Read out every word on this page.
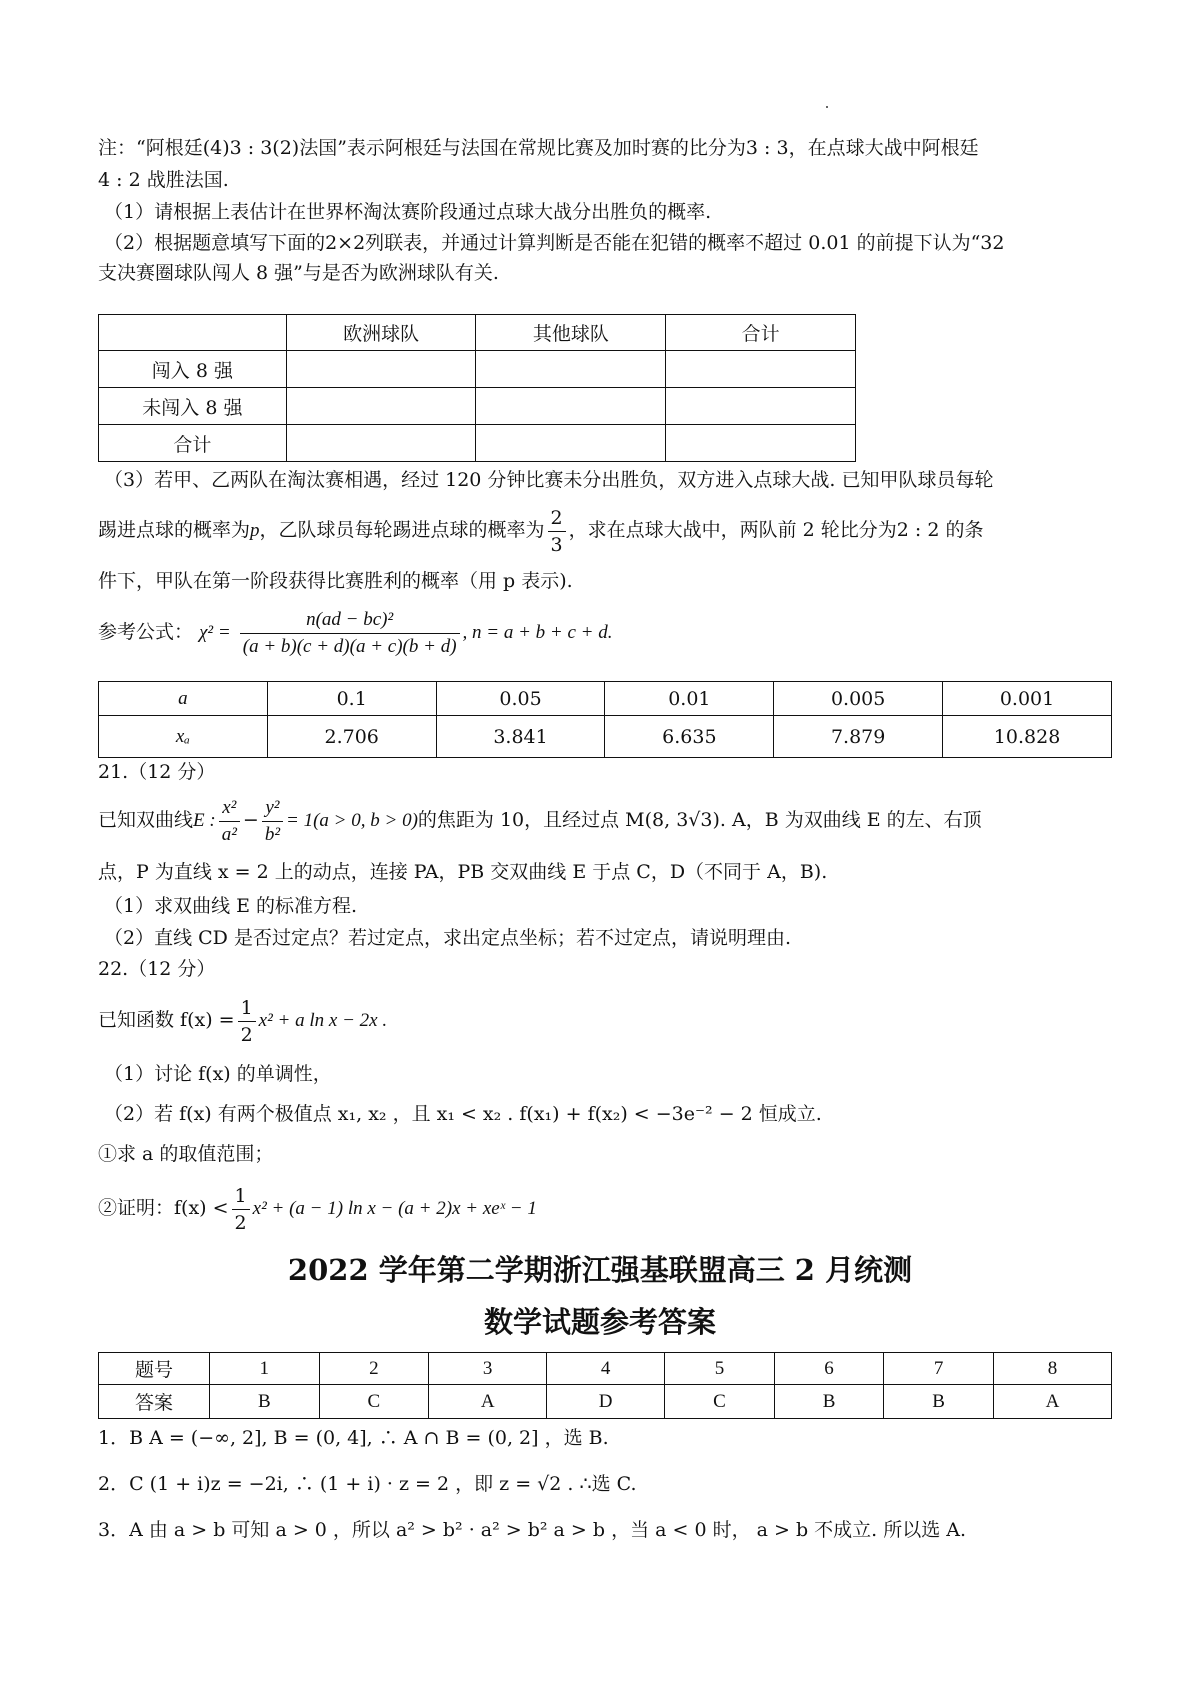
注：“阿根廷(4)3 : 3(2)法国”表示阿根廷与法国在常规比赛及加时赛的比分为3 : 3，在点球大战中阿根廷
4 : 2 战胜法国.
（1）请根据上表估计在世界杯淘汰赛阶段通过点球大战分出胜负的概率.
（2）根据题意填写下面的2×2列联表，并通过计算判断是否能在犯错的概率不超过 0.01 的前提下认为“32
支决赛圈球队闯人 8 强”与是否为欧洲球队有关.
	欧洲球队	其他球队	合计
闯入 8 强			
未闯入 8 强			
合计			
（3）若甲、乙两队在淘汰赛相遇，经过 120 分钟比赛未分出胜负，双方进入点球大战. 已知甲队球员每轮
踢进点球的概率为p，乙队球员每轮踢进点球的概率为 $\frac{2}{3}$ ，求在点球大战中，两队前 2 轮比分为2 : 2 的条
件下，甲队在第一阶段获得比赛胜利的概率（用 p 表示).
参考公式： $\chi^2 = \frac{\text{n(ad − bc)²}}{(a + b)(c + d)(a + c)(b + d)}$ , n = a + b + c + d.
a	0.1	0.05	0.01	0.005	0.001
xₐ	2.706	3.841	6.635	7.879	10.828
21.（12 分）
已知双曲线E : $\frac{\text{x²}}{\text{a²}} - \frac{\text{y²}}{\text{b²}} = 1(a > 0$, b > 0)的焦距为 10，且经过点 M(8, 3√3). A，B 为双曲线 E 的左、右顶
点，P 为直线 x = 2 上的动点，连接 PA，PB 交双曲线 E 于点 C，D（不同于 A，B).
（1）求双曲线 E 的标准方程.
（2）直线 CD 是否过定点？若过定点，求出定点坐标；若不过定点，请说明理由.
22.（12 分）
已知函数 $f(x) = \frac{1}{2} x^2 + a$ ln x − 2x .
（1）讨论 f(x) 的单调性，
（2）若 f(x) 有两个极值点 x₁, x₂ ，且 x₁ < x₂ . f(x₁) + f(x₂) < −3e⁻² − 2 恒成立.
①求 a 的取值范围；
②证明：$f(x) < \frac{1}{2} x^2 + (a - 1)$ ln x − (a + 2)x + xeˣ − 1
2022 学年第二学期浙江强基联盟高三 2 月统测
数学试题参考答案
题号	1	2	3	4	5	6	7	8
答案	B	C	A	D	C	B	B	A
1．B A = (−∞, 2], B = (0, 4], ∴ A ∩ B = (0, 2] ，选 B.
2．C (1 + i)z = −2i, ∴ (1 + i) · z = 2 ，即 z = √2 . ∴选 C.
3．A 由 a > b 可知 a > 0 ，所以 a² > b² · a² > b² a > b ，当 a < 0 时， a > b 不成立. 所以选 A.
